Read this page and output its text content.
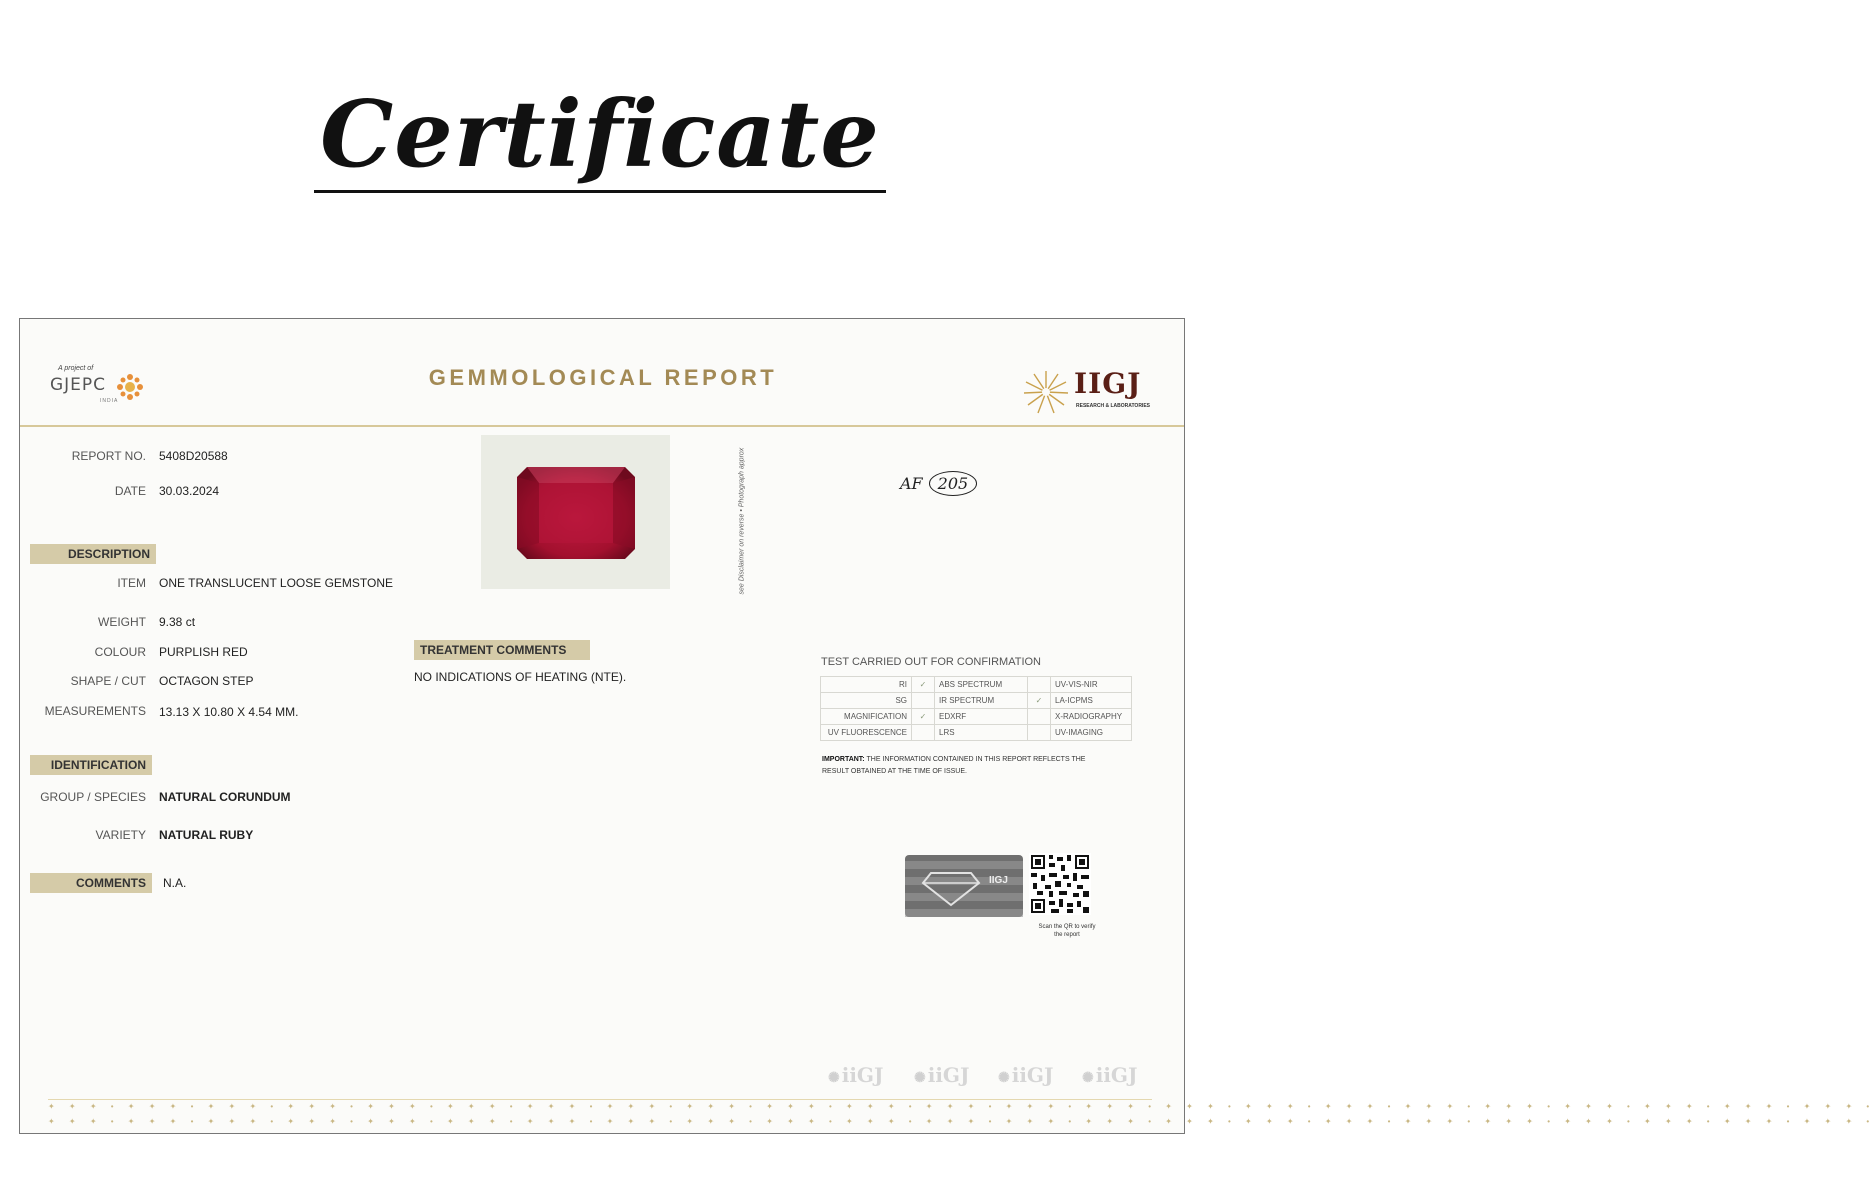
Certificate
A project of
GJEPC
INDIA
GEMMOLOGICAL REPORT	IIGJ
RESEARCH & LABORATORIES
REPORT NO. 5408D20588
DATE 30.03.2024
DESCRIPTION
ITEM ONE TRANSLUCENT LOOSE GEMSTONE
WEIGHT 9.38 ct
COLOUR PURPLISH RED
SHAPE / CUT OCTAGON STEP
MEASUREMENTS 13.13 X 10.80 X 4.54 MM.
IDENTIFICATION
GROUP / SPECIES NATURAL CORUNDUM
VARIETY NATURAL RUBY
COMMENTS N.A.
see Disclaimer on reverse • Photograph approx	AF 205
TREATMENT COMMENTS
NO INDICATIONS OF HEATING (NTE).
TEST CARRIED OUT FOR CONFIRMATION
RI	✓	ABS SPECTRUM		UV-VIS-NIR
SG		IR SPECTRUM	✓	LA-ICPMS
MAGNIFICATION	✓	EDXRF		X-RADIOGRAPHY
UV FLUORESCENCE		LRS		UV-IMAGING
IMPORTANT: THE INFORMATION CONTAINED IN THIS REPORT REFLECTS THE RESULT OBTAINED AT THE TIME OF ISSUE.
IIGJ
Scan the QR to verify the report
✺ iiGJ ✺ iiGJ ✺ iiGJ ✺ iiGJ
✦ ✦ ✦ • ✦ ✦ ✦ • ✦ ✦ ✦ • ✦ ✦ ✦ • ✦ ✦ ✦ • ✦ ✦ ✦ • ✦ ✦ ✦ • ✦ ✦ ✦ • ✦ ✦ ✦ • ✦ ✦ ✦ • ✦ ✦ ✦ • ✦ ✦ ✦ • ✦ ✦ ✦ • ✦ ✦ ✦ • ✦ ✦ ✦ • ✦ ✦ ✦ • ✦ ✦ ✦ • ✦ ✦ ✦ • ✦ ✦ ✦ • ✦ ✦ ✦ • ✦ ✦ ✦ • ✦ ✦ ✦ • ✦ ✦ ✦ •
✦ ✦ ✦ • ✦ ✦ ✦ • ✦ ✦ ✦ • ✦ ✦ ✦ • ✦ ✦ ✦ • ✦ ✦ ✦ • ✦ ✦ ✦ • ✦ ✦ ✦ • ✦ ✦ ✦ • ✦ ✦ ✦ • ✦ ✦ ✦ • ✦ ✦ ✦ • ✦ ✦ ✦ • ✦ ✦ ✦ • ✦ ✦ ✦ • ✦ ✦ ✦ • ✦ ✦ ✦ • ✦ ✦ ✦ • ✦ ✦ ✦ • ✦ ✦ ✦ • ✦ ✦ ✦ • ✦ ✦ ✦ • ✦ ✦ ✦ •
